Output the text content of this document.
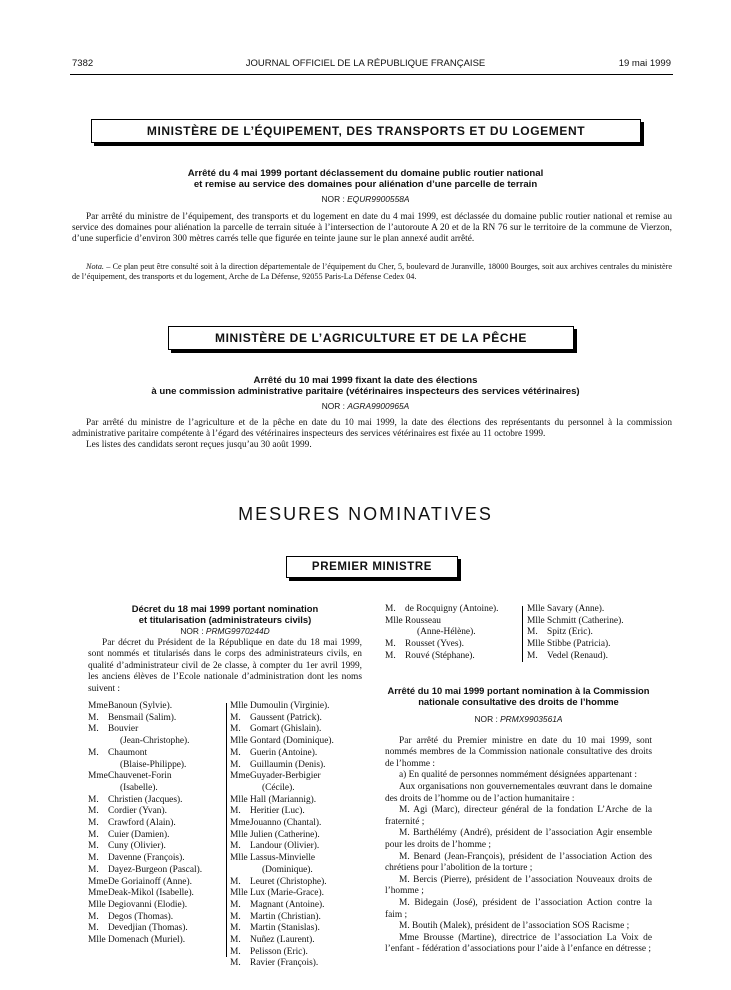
7382	JOURNAL OFFICIEL DE LA RÉPUBLIQUE FRANÇAISE	19 mai 1999
MINISTÈRE DE L’ÉQUIPEMENT, DES TRANSPORTS ET DU LOGEMENT
Arrêté du 4 mai 1999 portant déclassement du domaine public routier national
et remise au service des domaines pour aliénation d’une parcelle de terrain
NOR : EQUR9900558A

Par arrêté du ministre de l’équipement, des transports et du logement en date du 4 mai 1999, est déclassée du domaine public routier national et remise au service des domaines pour aliénation la parcelle de terrain située à l’intersection de l’autoroute A 20 et de la RN 76 sur le territoire de la commune de Vierzon, d’une superficie d’environ 300 mètres carrés telle que figurée en teinte jaune sur le plan annexé audit arrêté.

Nota. – Ce plan peut être consulté soit à la direction départementale de l’équipement du Cher, 5, boulevard de Juranville, 18000 Bourges, soit aux archives centrales du ministère de l’équipement, des transports et du logement, Arche de La Défense, 92055 Paris-La Défense Cedex 04.

MINISTÈRE DE L’AGRICULTURE ET DE LA PÊCHE
Arrêté du 10 mai 1999 fixant la date des élections
à une commission administrative paritaire (vétérinaires inspecteurs des services vétérinaires)
NOR : AGRA9900965A

Par arrêté du ministre de l’agriculture et de la pêche en date du 10 mai 1999, la date des élections des représentants du personnel à la commission administrative paritaire compétente à l’égard des vétérinaires inspecteurs des services vétérinaires est fixée au 11 octobre 1999.

Les listes des candidats seront reçues jusqu’au 30 août 1999.

MESURES NOMINATIVES
PREMIER MINISTRE
Décret du 18 mai 1999 portant nomination
et titularisation (administrateurs civils)
NOR : PRMG9970244D

Par décret du Président de la République en date du 18 mai 1999, sont nommés et titularisés dans le corps des administrateurs civils, en qualité d’administrateur civil de 2e classe, à compter du 1er avril 1999, les anciens élèves de l’Ecole nationale d’administration dont les noms suivent :

Mme Banoun (Sylvie).
M. Bensmail (Salim).
M. Bouvier
(Jean-Christophe).
M. Chaumont
(Blaise-Philippe).
Mme Chauvenet-Forin
(Isabelle).
M. Christien (Jacques).
M. Cordier (Yvan).
M. Crawford (Alain).
M. Cuier (Damien).
M. Cuny (Olivier).
M. Davenne (François).
M. Dayez-Burgeon (Pascal).
Mme De Goriainoff (Anne).
Mme Deak-Mikol (Isabelle).
Mlle Degiovanni (Elodie).
M. Degos (Thomas).
M. Devedjian (Thomas).
Mlle Domenach (Muriel).
Mlle Dumoulin (Virginie).
M. Gaussent (Patrick).
M. Gomart (Ghislain).
Mlle Gontard (Dominique).
M. Guerin (Antoine).
M. Guillaumin (Denis).
Mme Guyader-Berbigier
(Cécile).
Mlle Hall (Mariannig).
M. Heritier (Luc).
Mme Jouanno (Chantal).
Mlle Julien (Catherine).
M. Landour (Olivier).
Mlle Lassus-Minvielle
(Dominique).
M. Leuret (Christophe).
Mlle Lux (Marie-Grace).
M. Magnant (Antoine).
M. Martin (Christian).
M. Martin (Stanislas).
M. Nuñez (Laurent).
M. Pelisson (Eric).
M. Ravier (François).
M. de Rocquigny (Antoine).
Mlle Rousseau
(Anne-Hélène).
M. Rousset (Yves).
M. Rouvé (Stéphane).
Mlle Savary (Anne).
Mlle Schmitt (Catherine).
M. Spitz (Eric).
Mlle Stibbe (Patricia).
M. Vedel (Renaud).
Arrêté du 10 mai 1999 portant nomination à la Commission nationale consultative des droits de l’homme
NOR : PRMX9903561A

Par arrêté du Premier ministre en date du 10 mai 1999, sont nommés membres de la Commission nationale consultative des droits de l’homme :

a) En qualité de personnes nommément désignées appartenant :

Aux organisations non gouvernementales œuvrant dans le domaine des droits de l’homme ou de l’action humanitaire :

M. Agi (Marc), directeur général de la fondation L’Arche de la fraternité ;

M. Barthélémy (André), président de l’association Agir ensemble pour les droits de l’homme ;

M. Benard (Jean-François), président de l’association Action des chrétiens pour l’abolition de la torture ;

M. Bercis (Pierre), président de l’association Nouveaux droits de l’homme ;

M. Bidegain (José), président de l’association Action contre la faim ;

M. Boutih (Malek), président de l’association SOS Racisme ;

Mme Brousse (Martine), directrice de l’association La Voix de l’enfant - fédération d’associations pour l’aide à l’enfance en détresse ;
